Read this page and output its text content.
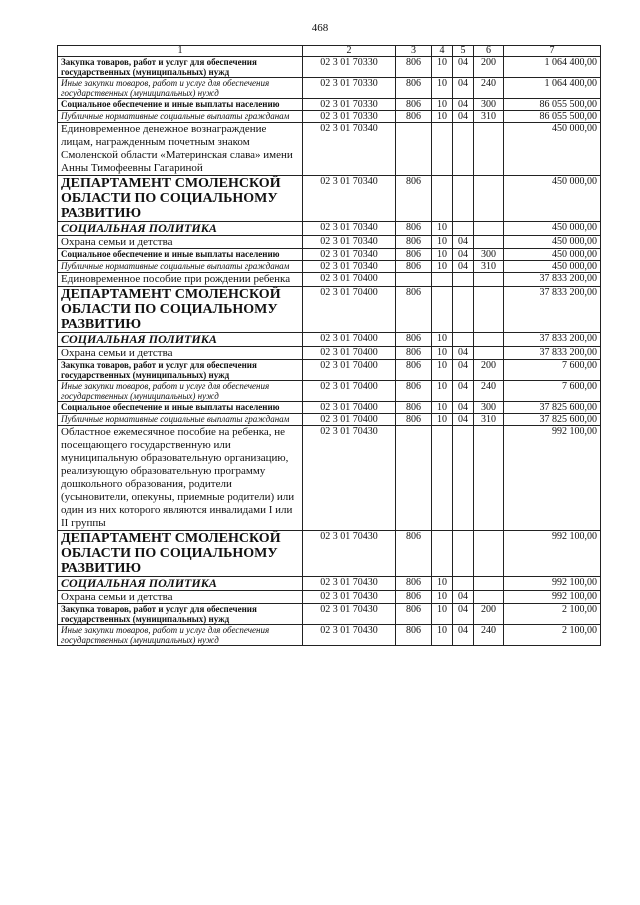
468
1	2	3	4	5	6	7
Закупка товаров, работ и услуг для обеспечения государственных (муниципальных) нужд	02 3 01 70330	806	10	04	200	1 064 400,00
Иные закупки товаров, работ и услуг для обеспечения государственных (муниципальных) нужд	02 3 01 70330	806	10	04	240	1 064 400,00
Социальное обеспечение и иные выплаты населению	02 3 01 70330	806	10	04	300	86 055 500,00
Публичные нормативные социальные выплаты гражданам	02 3 01 70330	806	10	04	310	86 055 500,00
Единовременное денежное вознаграждение лицам, награжденным почетным знаком Смоленской области «Материнская слава» имени Анны Тимофеевны Гагариной	02 3 01 70340					450 000,00
ДЕПАРТАМЕНТ СМОЛЕНСКОЙ ОБЛАСТИ ПО СОЦИАЛЬНОМУ РАЗВИТИЮ	02 3 01 70340	806				450 000,00
СОЦИАЛЬНАЯ ПОЛИТИКА	02 3 01 70340	806	10			450 000,00
Охрана семьи и детства	02 3 01 70340	806	10	04		450 000,00
Социальное обеспечение и иные выплаты населению	02 3 01 70340	806	10	04	300	450 000,00
Публичные нормативные социальные выплаты гражданам	02 3 01 70340	806	10	04	310	450 000,00
Единовременное пособие при рождении ребенка	02 3 01 70400					37 833 200,00
ДЕПАРТАМЕНТ СМОЛЕНСКОЙ ОБЛАСТИ ПО СОЦИАЛЬНОМУ РАЗВИТИЮ	02 3 01 70400	806				37 833 200,00
СОЦИАЛЬНАЯ ПОЛИТИКА	02 3 01 70400	806	10			37 833 200,00
Охрана семьи и детства	02 3 01 70400	806	10	04		37 833 200,00
Закупка товаров, работ и услуг для обеспечения государственных (муниципальных) нужд	02 3 01 70400	806	10	04	200	7 600,00
Иные закупки товаров, работ и услуг для обеспечения государственных (муниципальных) нужд	02 3 01 70400	806	10	04	240	7 600,00
Социальное обеспечение и иные выплаты населению	02 3 01 70400	806	10	04	300	37 825 600,00
Публичные нормативные социальные выплаты гражданам	02 3 01 70400	806	10	04	310	37 825 600,00
Областное ежемесячное пособие на ребенка, не посещающего государственную или муниципальную образовательную организацию, реализующую образовательную программу дошкольного образования, родители (усыновители, опекуны, приемные родители) или один из них которого являются инвалидами I или II группы	02 3 01 70430					992 100,00
ДЕПАРТАМЕНТ СМОЛЕНСКОЙ ОБЛАСТИ ПО СОЦИАЛЬНОМУ РАЗВИТИЮ	02 3 01 70430	806				992 100,00
СОЦИАЛЬНАЯ ПОЛИТИКА	02 3 01 70430	806	10			992 100,00
Охрана семьи и детства	02 3 01 70430	806	10	04		992 100,00
Закупка товаров, работ и услуг для обеспечения государственных (муниципальных) нужд	02 3 01 70430	806	10	04	200	2 100,00
Иные закупки товаров, работ и услуг для обеспечения государственных (муниципальных) нужд	02 3 01 70430	806	10	04	240	2 100,00
